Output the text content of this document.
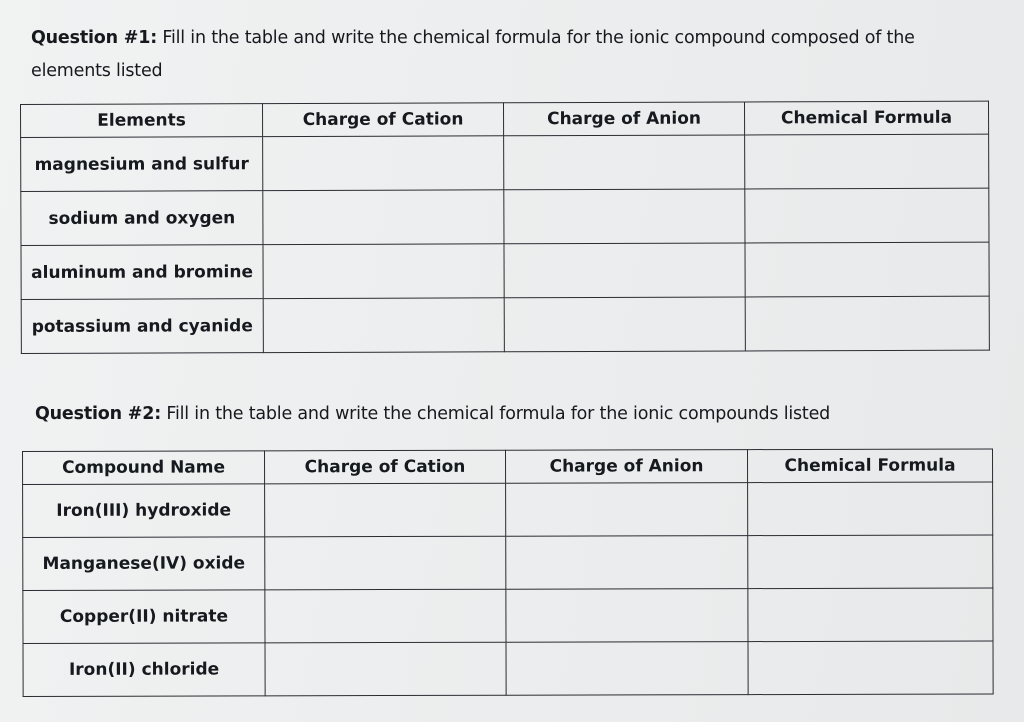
Question #1: Fill in the table and write the chemical formula for the ionic compound composed of the elements listed
Elements	Charge of Cation	Charge of Anion	Chemical Formula
magnesium and sulfur			
sodium and oxygen			
aluminum and bromine			
potassium and cyanide			
Question #2: Fill in the table and write the chemical formula for the ionic compounds listed
Compound Name	Charge of Cation	Charge of Anion	Chemical Formula
Iron(III) hydroxide			
Manganese(IV) oxide			
Copper(II) nitrate			
Iron(II) chloride			
